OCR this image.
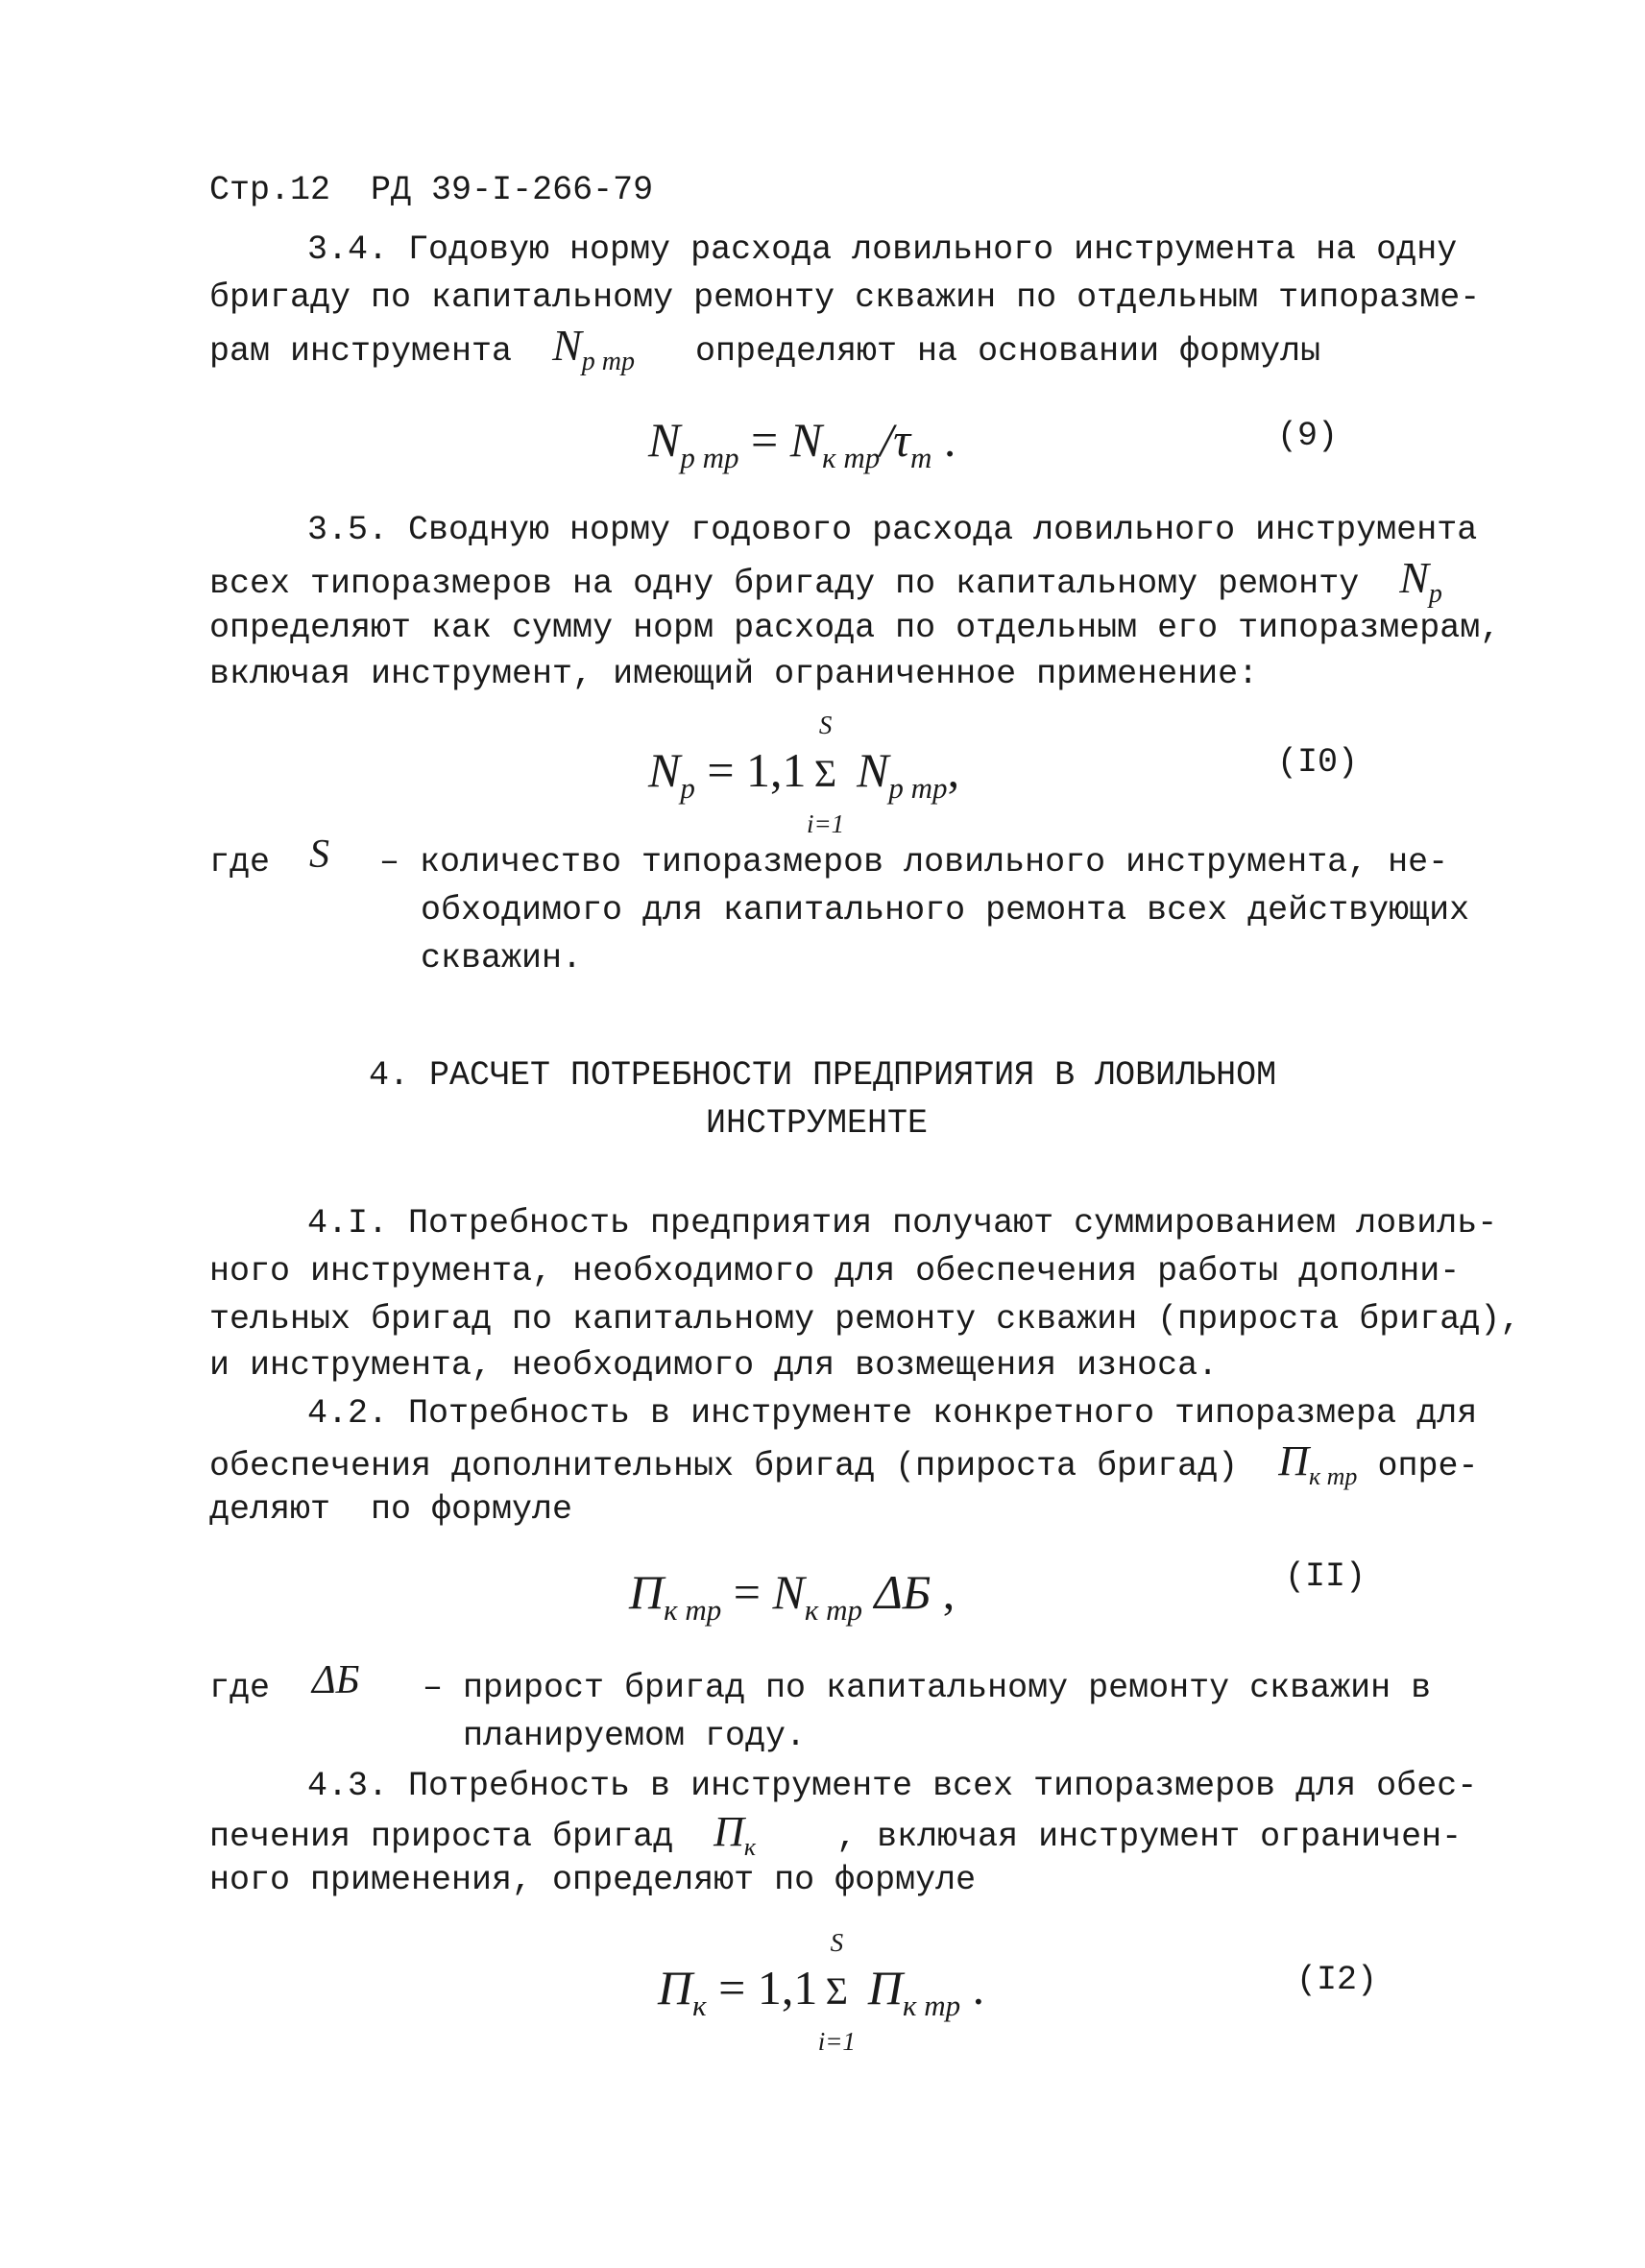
Стр.12 РД 39-I-266-79
3.4. Годовую норму расхода ловильного инструмента на одну
бригаду по капитальному ремонту скважин по отдельным типоразме-
рам инструмента $N_{р тр}$ определяют на основании формулы
$N_{р тр} = N_{к тр}/\tau_т$ .	(9)
3.5. Сводную норму годового расхода ловильного инструмента
всех типоразмеров на одну бригаду по капитальному ремонту $N_р$
определяют как сумму норм расхода по отдельным его типоразмерам,
включая инструмент, имеющий ограниченное применение:
$N_р = 1,1$
S
Σ
i=1
$N_{р тр}$,	(I0)
где S – количество типоразмеров ловильного инструмента, не-
обходимого для капитального ремонта всех действующих
скважин.
4. РАСЧЕТ ПОТРЕБНОСТИ ПРЕДПРИЯТИЯ В ЛОВИЛЬНОМ
ИНСТРУМЕНТЕ
4.I. Потребность предприятия получают суммированием ловиль-
ного инструмента, необходимого для обеспечения работы дополни-
тельных бригад по капитальному ремонту скважин (прироста бригад),
и инструмента, необходимого для возмещения износа.
4.2. Потребность в инструменте конкретного типоразмера для
обеспечения дополнительных бригад (прироста бригад) $П_{к тр}$ опре-
деляют  по формуле
$П_{к тр} = N_{к тр}$ ΔБ ,	(II)
где ΔБ – прирост бригад по капитальному ремонту скважин в
планируемом году.
4.3. Потребность в инструменте всех типоразмеров для обес-
печения прироста бригад $П_к$ , включая инструмент ограничен-
ного применения, определяют по формуле
$П_к = 1,1$
S
Σ
i=1
$П_{к тр}$ .	(I2)
